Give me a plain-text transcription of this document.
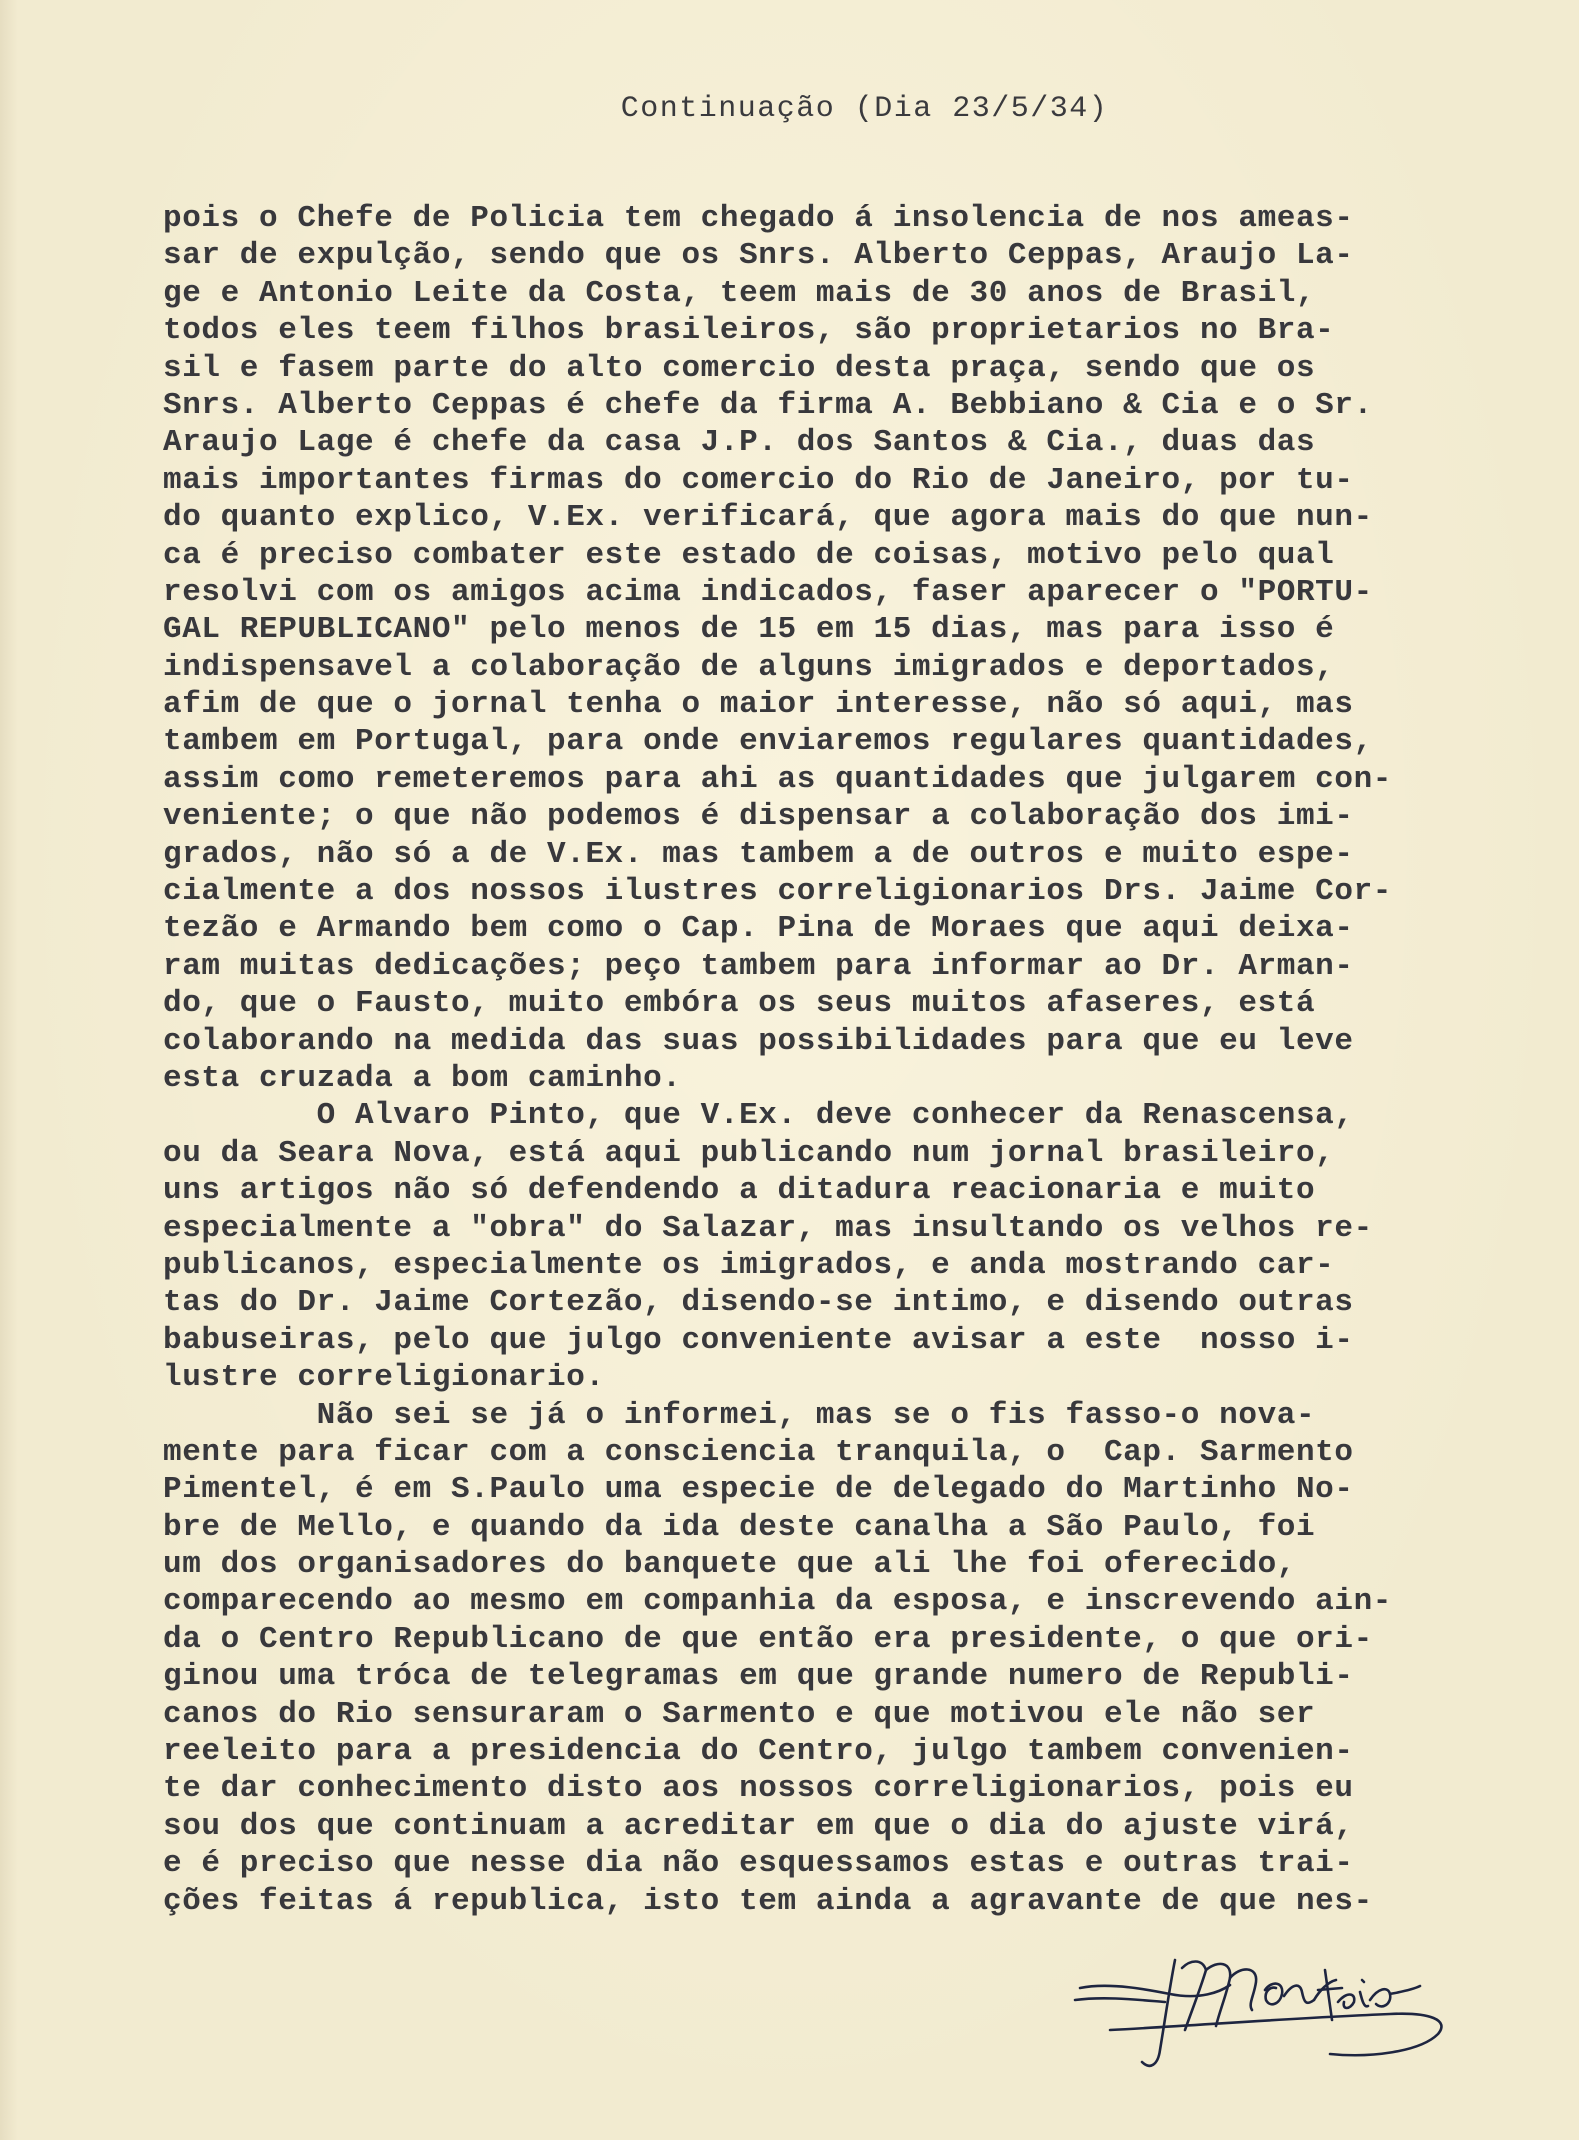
Continuação (Dia 23/5/34)
pois o Chefe de Policia tem chegado á insolencia de nos ameas-
sar de expulção, sendo que os Snrs. Alberto Ceppas, Araujo La-
ge e Antonio Leite da Costa, teem mais de 30 anos de Brasil,
todos eles teem filhos brasileiros, são proprietarios no Bra-
sil e fasem parte do alto comercio desta praça, sendo que os
Snrs. Alberto Ceppas é chefe da firma A. Bebbiano & Cia e o Sr.
Araujo Lage é chefe da casa J.P. dos Santos & Cia., duas das
mais importantes firmas do comercio do Rio de Janeiro, por tu-
do quanto explico, V.Ex. verificará, que agora mais do que nun-
ca é preciso combater este estado de coisas, motivo pelo qual
resolvi com os amigos acima indicados, faser aparecer o "PORTU-
GAL REPUBLICANO" pelo menos de 15 em 15 dias, mas para isso é
indispensavel a colaboração de alguns imigrados e deportados,
afim de que o jornal tenha o maior interesse, não só aqui, mas
tambem em Portugal, para onde enviaremos regulares quantidades,
assim como remeteremos para ahi as quantidades que julgarem con-
veniente; o que não podemos é dispensar a colaboração dos imi-
grados, não só a de V.Ex. mas tambem a de outros e muito espe-
cialmente a dos nossos ilustres correligionarios Drs. Jaime Cor-
tezão e Armando bem como o Cap. Pina de Moraes que aqui deixa-
ram muitas dedicações; peço tambem para informar ao Dr. Arman-
do, que o Fausto, muito embóra os seus muitos afaseres, está
colaborando na medida das suas possibilidades para que eu leve
esta cruzada a bom caminho.
O Alvaro Pinto, que V.Ex. deve conhecer da Renascensa,
ou da Seara Nova, está aqui publicando num jornal brasileiro,
uns artigos não só defendendo a ditadura reacionaria e muito
especialmente a "obra" do Salazar, mas insultando os velhos re-
publicanos, especialmente os imigrados, e anda mostrando car-
tas do Dr. Jaime Cortezão, disendo-se intimo, e disendo outras
babuseiras, pelo que julgo conveniente avisar a este  nosso i-
lustre correligionario.
Não sei se já o informei, mas se o fis fasso-o nova-
mente para ficar com a consciencia tranquila, o  Cap. Sarmento
Pimentel, é em S.Paulo uma especie de delegado do Martinho No-
bre de Mello, e quando da ida deste canalha a São Paulo, foi
um dos organisadores do banquete que ali lhe foi oferecido,
comparecendo ao mesmo em companhia da esposa, e inscrevendo ain-
da o Centro Republicano de que então era presidente, o que ori-
ginou uma tróca de telegramas em que grande numero de Republi-
canos do Rio sensuraram o Sarmento e que motivou ele não ser
reeleito para a presidencia do Centro, julgo tambem convenien-
te dar conhecimento disto aos nossos correligionarios, pois eu
sou dos que continuam a acreditar em que o dia do ajuste virá,
e é preciso que nesse dia não esquessamos estas e outras trai-
ções feitas á republica, isto tem ainda a agravante de que nes-
